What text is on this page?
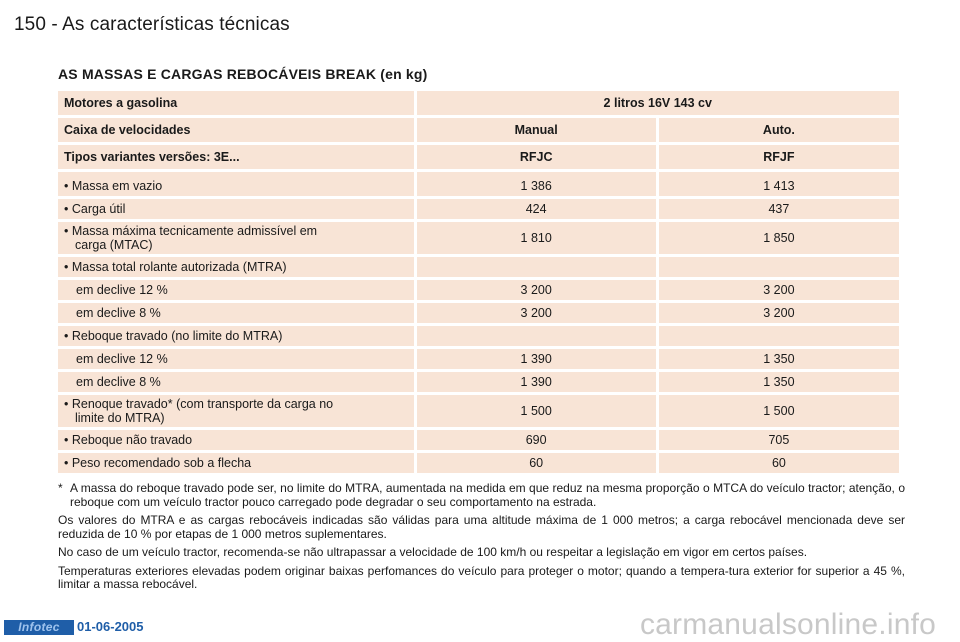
150 - As características técnicas
AS MASSAS E CARGAS REBOCÁVEIS BREAK (en kg)
Motores a gasolina	2 litros 16V 143 cv	
Caixa de velocidades	Manual	Auto.
Tipos variantes versões: 3E...	RFJC	RFJF
• Massa em vazio	1 386	1 413
• Carga útil	424	437
• Massa máxima tecnicamente admissível em
carga (MTAC)	1 810	1 850
• Massa total rolante autorizada (MTRA)		
em declive 12 %	3 200	3 200
em declive 8 %	3 200	3 200
• Reboque travado (no limite do MTRA)		
em declive 12 %	1 390	1 350
em declive 8 %	1 390	1 350
• Renoque travado* (com transporte da carga no
limite do MTRA)	1 500	1 500
• Reboque não travado	690	705
• Peso recomendado sob a flecha	60	60

* A massa do reboque travado pode ser, no limite do MTRA, aumentada na medida em que reduz na mesma proporção o MTCA do veículo tractor; atenção, o reboque com um veículo tractor pouco carregado pode degradar o seu comportamento na estrada.

Os valores do MTRA e as cargas rebocáveis indicadas são válidas para uma altitude máxima de 1 000 metros; a carga rebocável mencionada deve ser reduzida de 10 % por etapas de 1 000 metros suplementares.

No caso de um veículo tractor, recomenda-se não ultrapassar a velocidade de 100 km/h ou respeitar a legislação em vigor em certos países.

Temperaturas exteriores elevadas podem originar baixas perfomances do veículo para proteger o motor; quando a tempera-tura exterior for superior a 45 %, limitar a massa rebocável.

Infotec	01-06-2005	carmanualsonline.info
